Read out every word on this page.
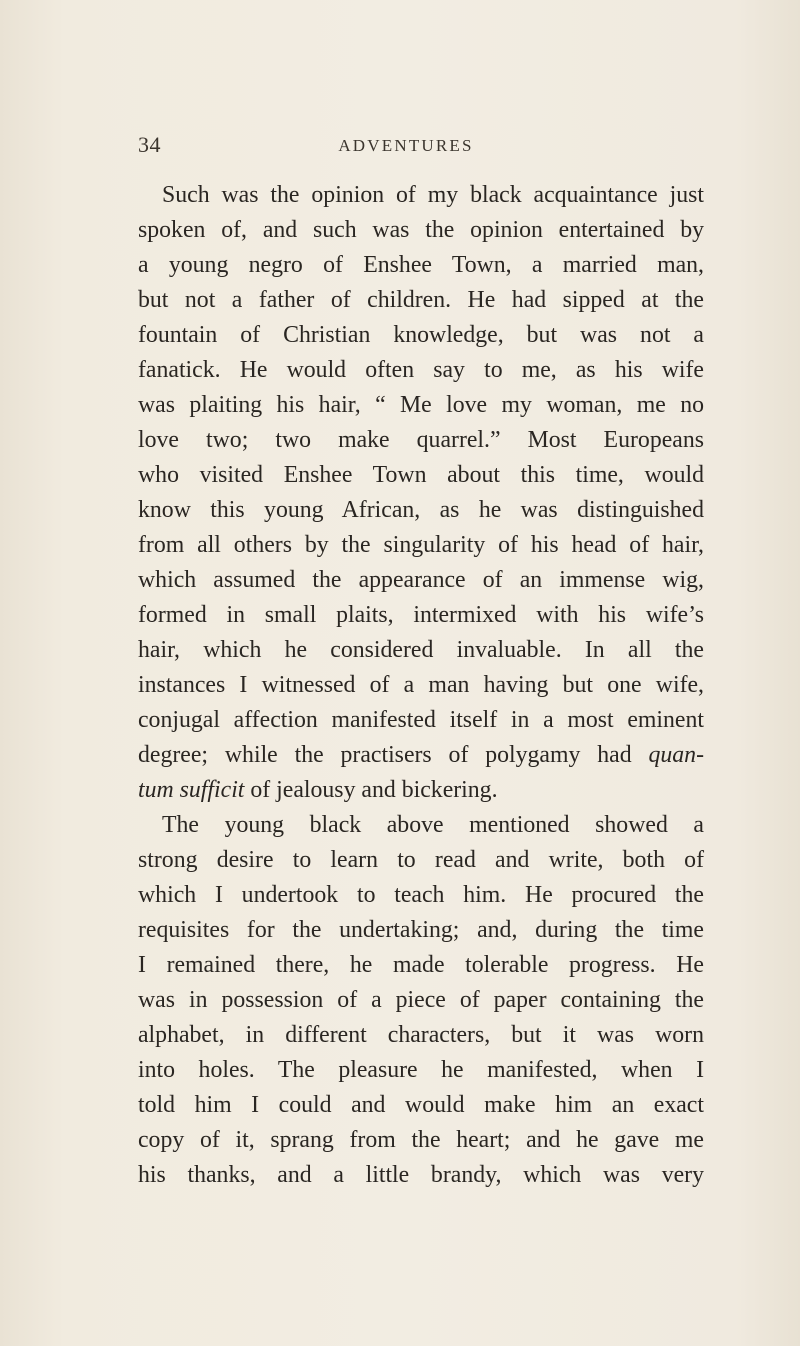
34	ADVENTURES
Such was the opinion of my black acquaintance just
spoken of, and such was the opinion entertained by
a young negro of Enshee Town, a married man,
but not a father of children. He had sipped at the
fountain of Christian knowledge, but was not a
fanatick. He would often say to me, as his wife
was plaiting his hair, “ Me love my woman, me no
love two; two make quarrel.” Most Europeans
who visited Enshee Town about this time, would
know this young African, as he was distinguished
from all others by the singularity of his head of hair,
which assumed the appearance of an immense wig,
formed in small plaits, intermixed with his wife’s
hair, which he considered invaluable. In all the
instances I witnessed of a man having but one wife,
conjugal affection manifested itself in a most eminent
degree; while the practisers of polygamy had quan-
tum sufficit of jealousy and bickering.
The young black above mentioned showed a
strong desire to learn to read and write, both of
which I undertook to teach him. He procured the
requisites for the undertaking; and, during the time
I remained there, he made tolerable progress. He
was in possession of a piece of paper containing the
alphabet, in different characters, but it was worn
into holes. The pleasure he manifested, when I
told him I could and would make him an exact
copy of it, sprang from the heart; and he gave me
his thanks, and a little brandy, which was very
